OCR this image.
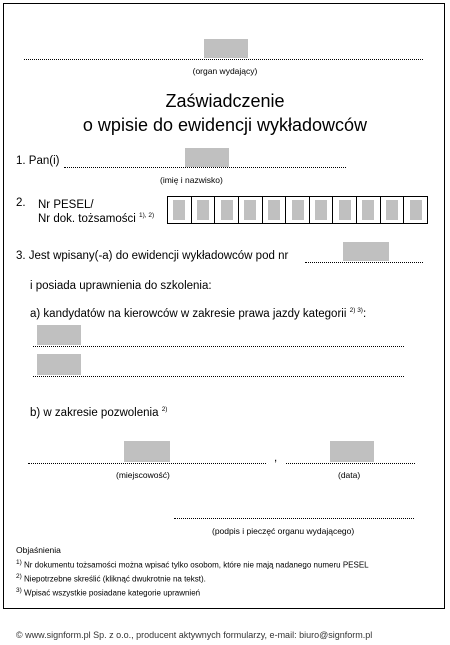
(organ wydający)
Zaświadczenie
o wpisie do ewidencji wykładowców
1. Pan(i)
(imię i nazwisko)
2. Nr PESEL/
Nr dok. tożsamości $^{1), 2)}$
3. Jest wpisany(-a) do ewidencji wykładowców pod nr
i posiada uprawnienia do szkolenia:
a) kandydatów na kierowców w zakresie prawa jazdy kategorii $^{2) 3)}$:
b) w zakresie pozwolenia $^{2)}$
,
(miejscowość)	(data)
(podpis i pieczęć organu wydającego)
Objaśnienia
$^{1)}$ Nr dokumentu tożsamości można wpisać tylko osobom, które nie mają nadanego numeru PESEL
$^{2)}$ Niepotrzebne skreślić (kliknąć dwukrotnie na tekst).
$^{3)}$ Wpisać wszystkie posiadane kategorie uprawnień
© www.signform.pl Sp. z o.o., producent aktywnych formularzy, e-mail: biuro@signform.pl
